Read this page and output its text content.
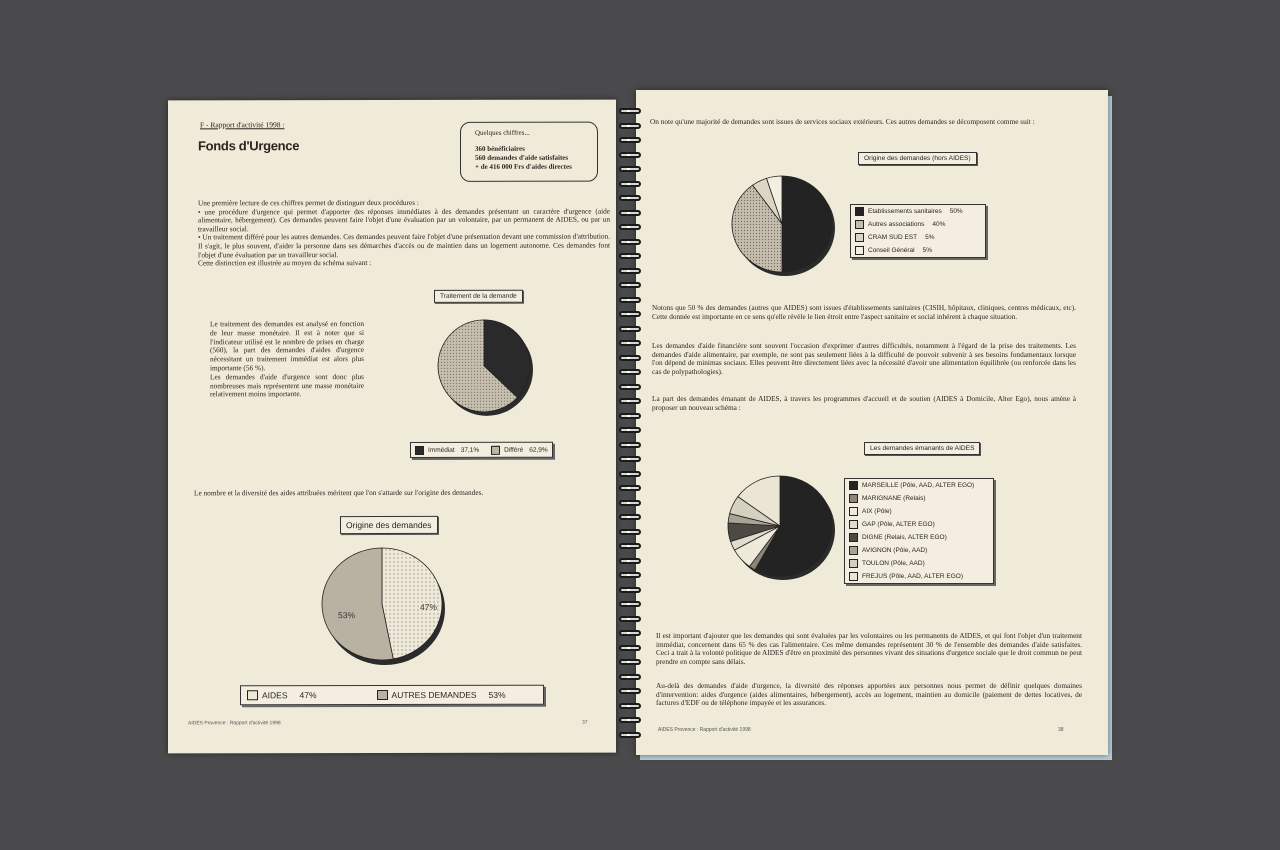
F - Rapport d'activité 1998 :
Fonds d'Urgence
Quelques chiffres...
360 bénéficiaires
560 demandes d'aide satisfaites
+ de 416 000 Frs d'aides directes
Une première lecture de ces chiffres permet de distinguer deux procédures :
• une procédure d'urgence qui permet d'apporter des réponses immédiates à des demandes présentant un caractère d'urgence (aide alimentaire, hébergement). Ces demandes peuvent faire l'objet d'une évaluation par un volontaire, par un permanent de AIDES, ou par un travailleur social.
• Un traitement différé pour les autres demandes. Ces demandes peuvent faire l'objet d'une présentation devant une commission d'attribution. Il s'agit, le plus souvent, d'aider la personne dans ses démarches d'accès ou de maintien dans un logement autonome. Ces demandes font l'objet d'une évaluation par un travailleur social.
Cette distinction est illustrée au moyen du schéma suivant :
Traitement de la demande
Le traitement des demandes est analysé en fonction de leur masse monétaire. Il est à noter que si l'indicateur utilisé est le nombre de prises en charge (560), la part des demandes d'aides d'urgence nécessitant un traitement immédiat est alors plus importante (56 %).
Les demandes d'aide d'urgence sont donc plus nombreuses mais représentent une masse monétaire relativement moins importante.
Immédiat 37,1%	Différé 62,9%
Le nombre et la diversité des aides attribuées méritent que l'on s'attarde sur l'origine des demandes.
Origine des demandes
53%
47%
AIDES 47%	AUTRES DEMANDES 53%
AIDES Provence : Rapport d'activité 1998	37
On note qu'une majorité de demandes sont issues de services sociaux extérieurs. Ces autres demandes se décomposent comme suit :
Origine des demandes (hors AIDES)
Etablissements sanitaires 50%
Autres associations 40%
CRAM SUD EST 5%
Conseil Général 5%
Notons que 50 % des demandes (autres que AIDES) sont issues d'établissements sanitaires (CISIH, hôpitaux, cliniques, centres médicaux, etc). Cette donnée est importante en ce sens qu'elle révèle le lien étroit entre l'aspect sanitaire et social inhérent à chaque situation.
Les demandes d'aide financière sont souvent l'occasion d'exprimer d'autres difficultés, notamment à l'égard de la prise des traitements. Les demandes d'aide alimentaire, par exemple, ne sont pas seulement liées à la difficulté de pouvoir subvenir à ses besoins fondamentaux lorsque l'on dépend de minimas sociaux. Elles peuvent être directement liées avec la nécessité d'avoir une alimentation équilibrée (ou renforcée dans les cas de polypathologies).
La part des demandes émanant de AIDES, à travers les programmes d'accueil et de soutien (AIDES à Domicile, Alter Ego), nous amène à proposer un nouveau schéma :
Les demandes émanants de AIDES
MARSEILLE (Pôle, AAD, ALTER EGO)
MARIGNANE (Relais)
AIX (Pôle)
GAP (Pôle, ALTER EGO)
DIGNE (Relais, ALTER EGO)
AVIGNON (Pôle, AAD)
TOULON (Pôle, AAD)
FREJUS (Pôle, AAD, ALTER EGO)
Il est important d'ajouter que les demandes qui sont évaluées par les volontaires ou les permanents de AIDES, et qui font l'objet d'un traitement immédiat, concernent dans 65 % des cas l'alimentaire. Ces même demandes représentent 30 % de l'ensemble des demandes d'aide satisfaites. Ceci a trait à la volonté politique de AIDES d'être en proximité des personnes vivant des situations d'urgence sociale que le droit commun ne peut prendre en compte sans délais.
Au-delà des demandes d'aide d'urgence, la diversité des réponses apportées aux personnes nous permet de définir quelques domaines d'intervention: aides d'urgence (aides alimentaires, hébergement), accès au logement, maintien au domicile (paiement de dettes locatives, de factures d'EDF ou de téléphone impayée et les assurances.
AIDES Provence : Rapport d'activité 1998	38
